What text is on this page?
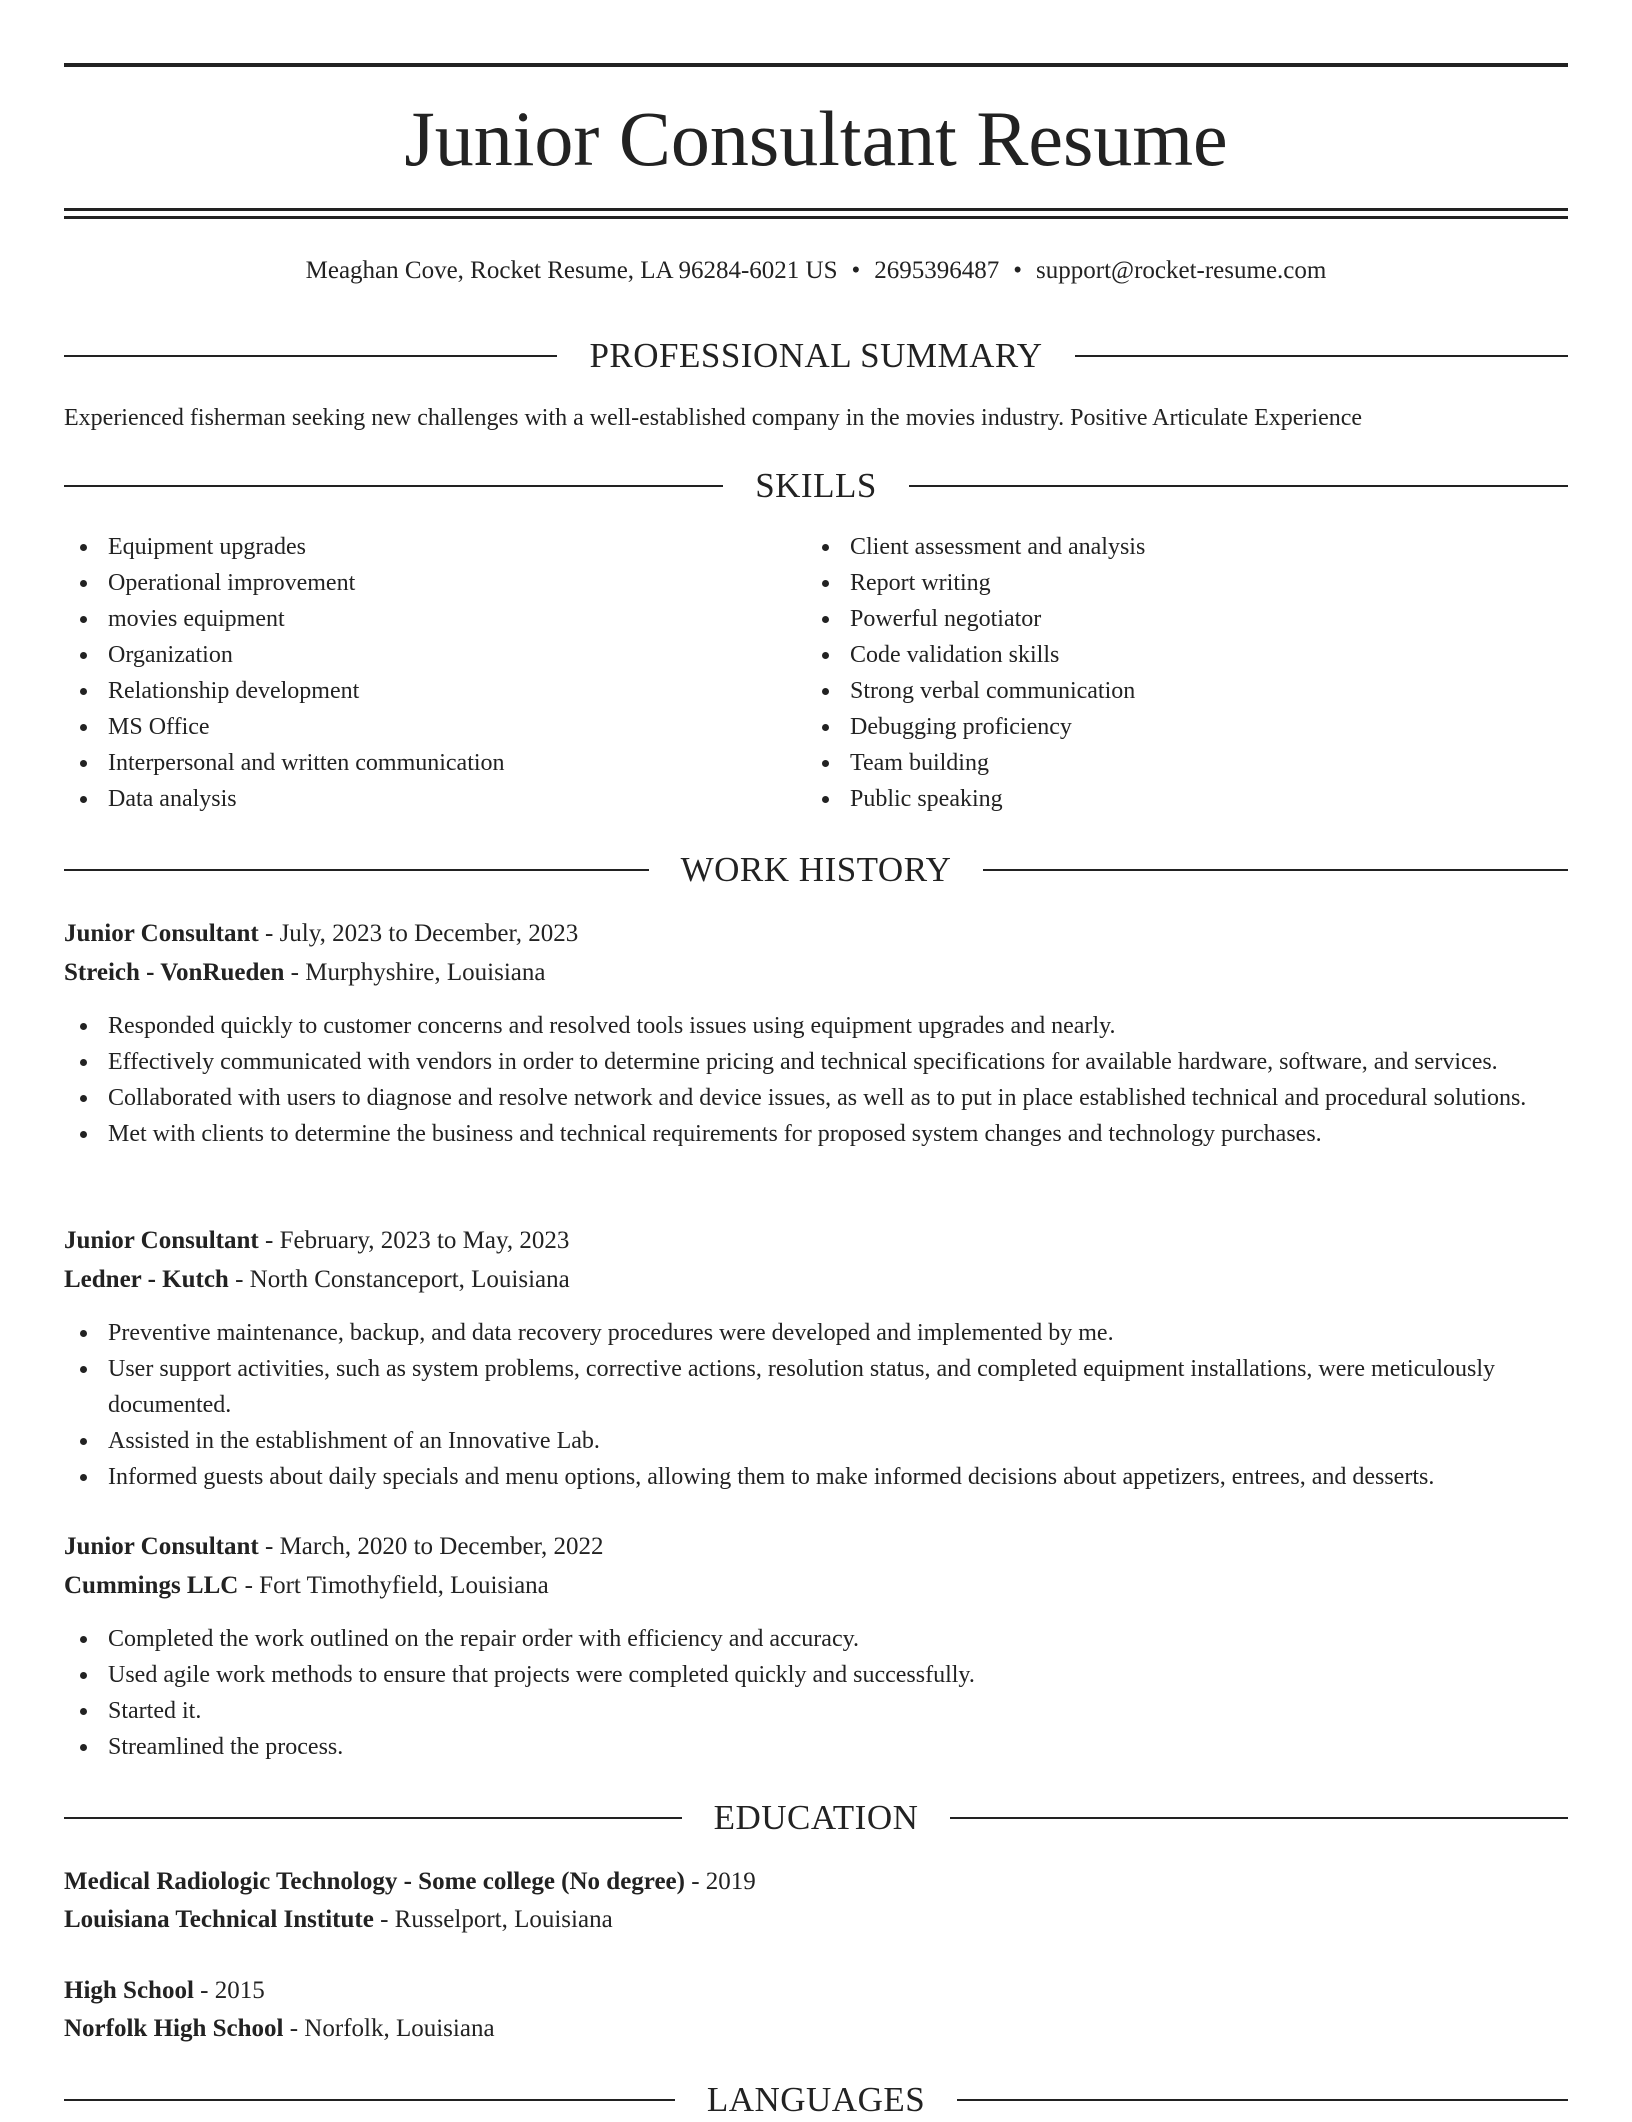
Junior Consultant Resume
Meaghan Cove, Rocket Resume, LA 96284-6021 US • 2695396487 • support@rocket-resume.com
PROFESSIONAL SUMMARY
Experienced fisherman seeking new challenges with a well-established company in the movies industry. Positive Articulate Experience
SKILLS
Equipment upgrades
Operational improvement
movies equipment
Organization
Relationship development
MS Office
Interpersonal and written communication
Data analysis
Client assessment and analysis
Report writing
Powerful negotiator
Code validation skills
Strong verbal communication
Debugging proficiency
Team building
Public speaking
WORK HISTORY
Junior Consultant - July, 2023 to December, 2023
Streich - VonRueden - Murphyshire, Louisiana
Responded quickly to customer concerns and resolved tools issues using equipment upgrades and nearly.
Effectively communicated with vendors in order to determine pricing and technical specifications for available hardware, software, and services.
Collaborated with users to diagnose and resolve network and device issues, as well as to put in place established technical and procedural solutions.
Met with clients to determine the business and technical requirements for proposed system changes and technology purchases.
Junior Consultant - February, 2023 to May, 2023
Ledner - Kutch - North Constanceport, Louisiana
Preventive maintenance, backup, and data recovery procedures were developed and implemented by me.
User support activities, such as system problems, corrective actions, resolution status, and completed equipment installations, were meticulously documented.
Assisted in the establishment of an Innovative Lab.
Informed guests about daily specials and menu options, allowing them to make informed decisions about appetizers, entrees, and desserts.
Junior Consultant - March, 2020 to December, 2022
Cummings LLC - Fort Timothyfield, Louisiana
Completed the work outlined on the repair order with efficiency and accuracy.
Used agile work methods to ensure that projects were completed quickly and successfully.
Started it.
Streamlined the process.
EDUCATION
Medical Radiologic Technology - Some college (No degree) - 2019
Louisiana Technical Institute - Russelport, Louisiana
High School - 2015
Norfolk High School - Norfolk, Louisiana
LANGUAGES
